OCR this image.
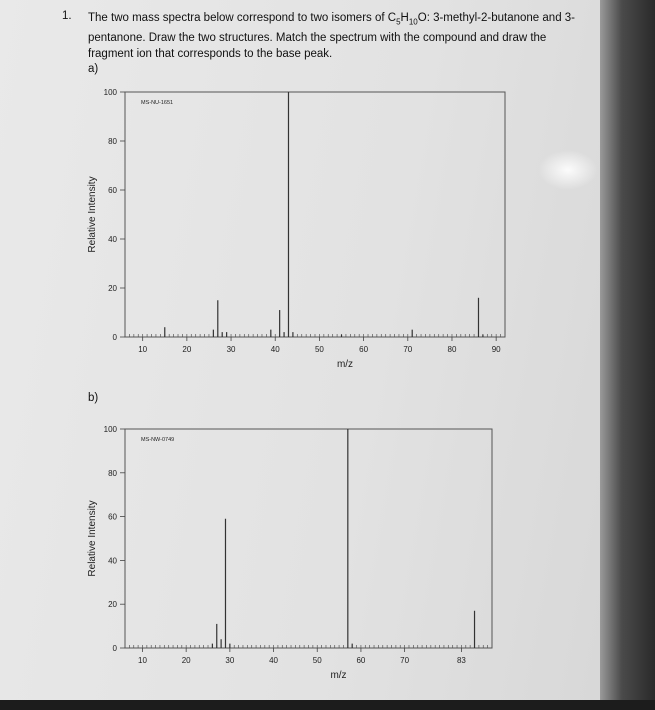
1. The two mass spectra below correspond to two isomers of $C_5H_{10}O$: 3-methyl-2-butanone and 3-pentanone. Draw the two structures. Match the spectrum with the compound and draw the fragment ion that corresponds to the base peak.
a)
b)
10	20	30	40	50	60	70	80	90
0
20
40
60
80
100
MS-NU-1651
m/z
Relative Intensity
10	20	30	40	50	60	70	83
0
20
40
60
80
100
MS-NW-0749
m/z
Relative Intensity
